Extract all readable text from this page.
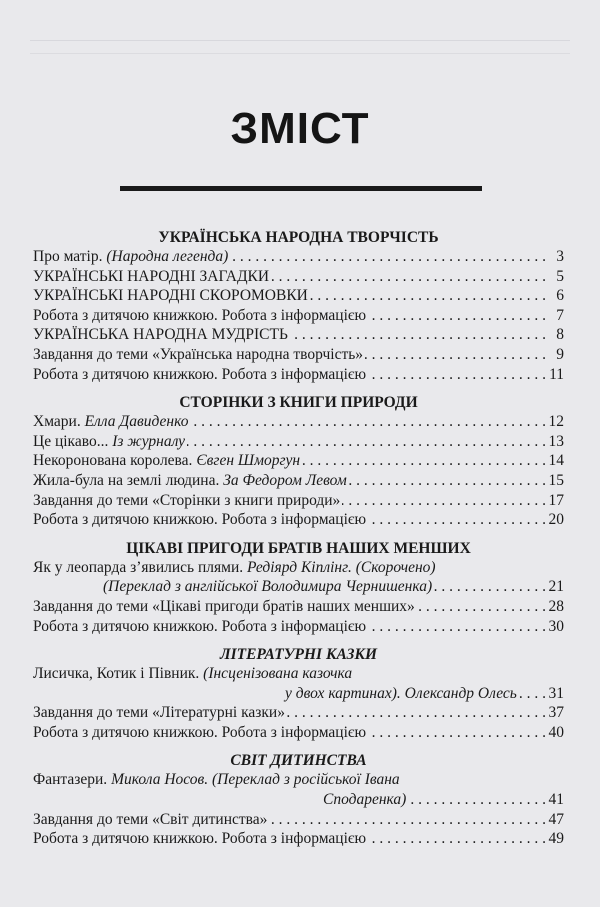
ЗМІСТ
УКРАЇНСЬКА НАРОДНА ТВОРЧІСТЬ
Про матір. (Народна легенда) . . .	3
УКРАЇНСЬКІ НАРОДНІ ЗАГАДКИ . . .	5
УКРАЇНСЬКІ НАРОДНІ СКОРОМОВКИ . . .	6
Робота з дитячою книжкою. Робота з інформацією . . .	7
УКРАЇНСЬКА НАРОДНА МУДРІСТЬ . . .	8
Завдання до теми «Українська народна творчість» . . .	9
Робота з дитячою книжкою. Робота з інформацією . . .	11
СТОРІНКИ З КНИГИ ПРИРОДИ
Хмари. Елла Давиденко . . .	12
Це цікаво... Із журналу . . .	13
Некоронована королева. Євген Шморгун . . .	14
Жила-була на землі людина. За Федором Левом . . .	15
Завдання до теми «Сторінки з книги природи» . . .	17
Робота з дитячою книжкою. Робота з інформацією . . .	20
ЦІКАВІ ПРИГОДИ БРАТІВ НАШИХ МЕНШИХ
Як у леопарда з’явились плями. Редіярд Кіплінг. (Скорочено)
(Переклад з англійської Володимира Чернишенка) . . .	21
Завдання до теми «Цікаві пригоди братів наших менших» . . .	28
Робота з дитячою книжкою. Робота з інформацією . . .	30
ЛІТЕРАТУРНІ КАЗКИ
Лисичка, Котик і Півник. (Інсценізована казочка
у двох картинах). Олександр Олесь . . . 31
Завдання до теми «Літературні казки» . . .	37
Робота з дитячою книжкою. Робота з інформацією . . .	40
СВІТ ДИТИНСТВА
Фантазери. Микола Носов. (Переклад з російської Івана
Сподаренка) . . .	41
Завдання до теми «Світ дитинства» . . .	47
Робота з дитячою книжкою. Робота з інформацією . . .	49
